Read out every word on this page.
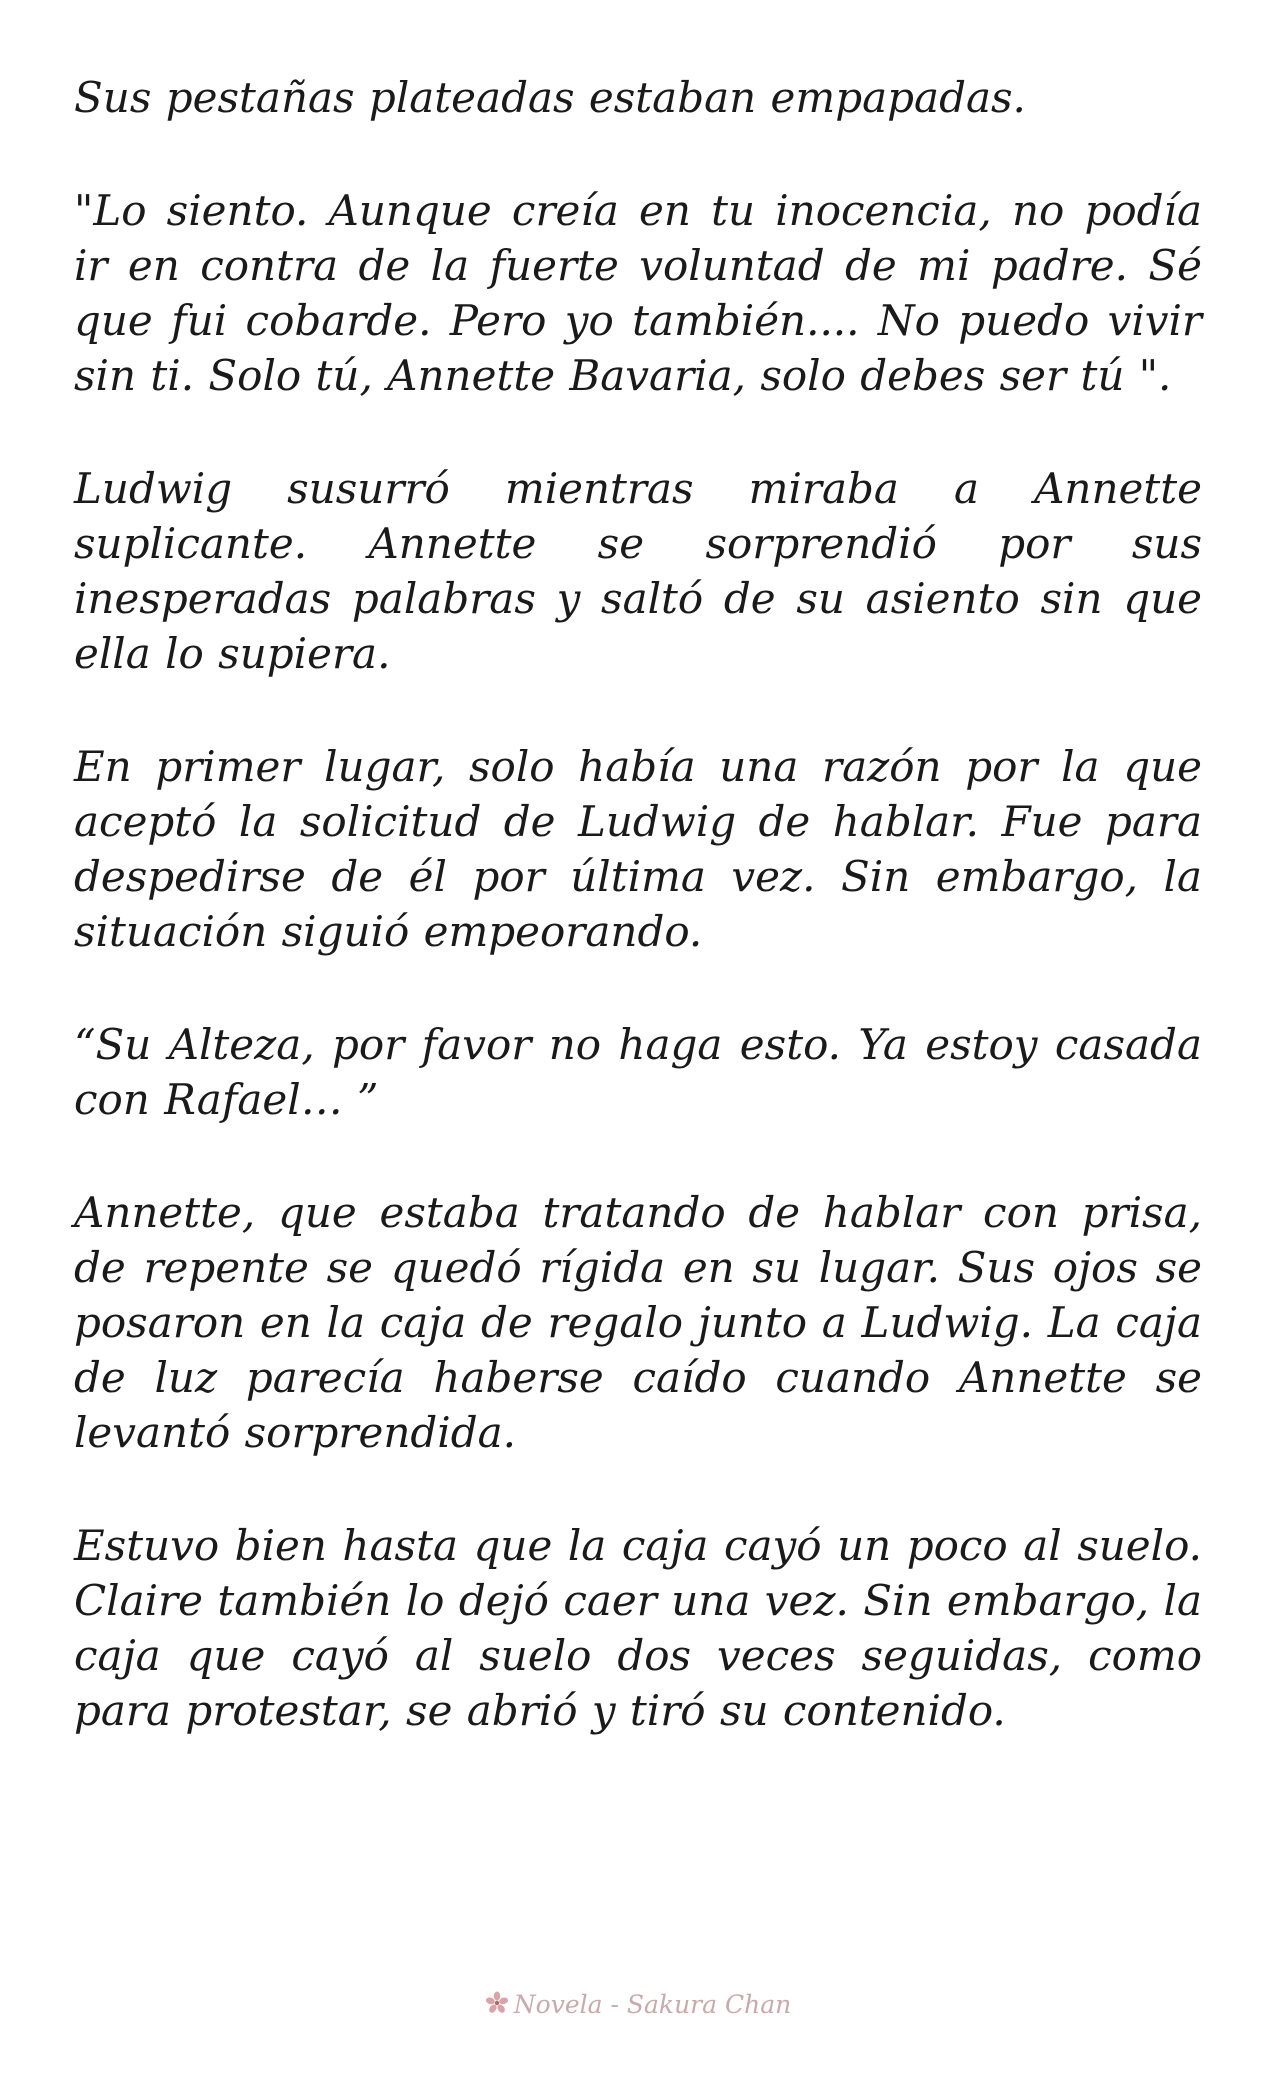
Sus pestañas plateadas estaban empapadas.

"Lo siento. Aunque creía en tu inocencia, no podía ir en contra de la fuerte voluntad de mi padre. Sé que fui cobarde. Pero yo también.... No puedo vivir sin ti. Solo tú, Annette Bavaria, solo debes ser tú ".

Ludwig susurró mientras miraba a Annette suplicante. Annette se sorprendió por sus inesperadas palabras y saltó de su asiento sin que ella lo supiera.

En primer lugar, solo había una razón por la que aceptó la solicitud de Ludwig de hablar. Fue para despedirse de él por última vez. Sin embargo, la situación siguió empeorando.

“Su Alteza, por favor no haga esto. Ya estoy casada con Rafael… ”

Annette, que estaba tratando de hablar con prisa, de repente se quedó rígida en su lugar. Sus ojos se posaron en la caja de regalo junto a Ludwig. La caja de luz parecía haberse caído cuando Annette se levantó sorprendida.

Estuvo bien hasta que la caja cayó un poco al suelo. Claire también lo dejó caer una vez. Sin embargo, la caja que cayó al suelo dos veces seguidas, como para protestar, se abrió y tiró su contenido.

Novela - Sakura Chan
